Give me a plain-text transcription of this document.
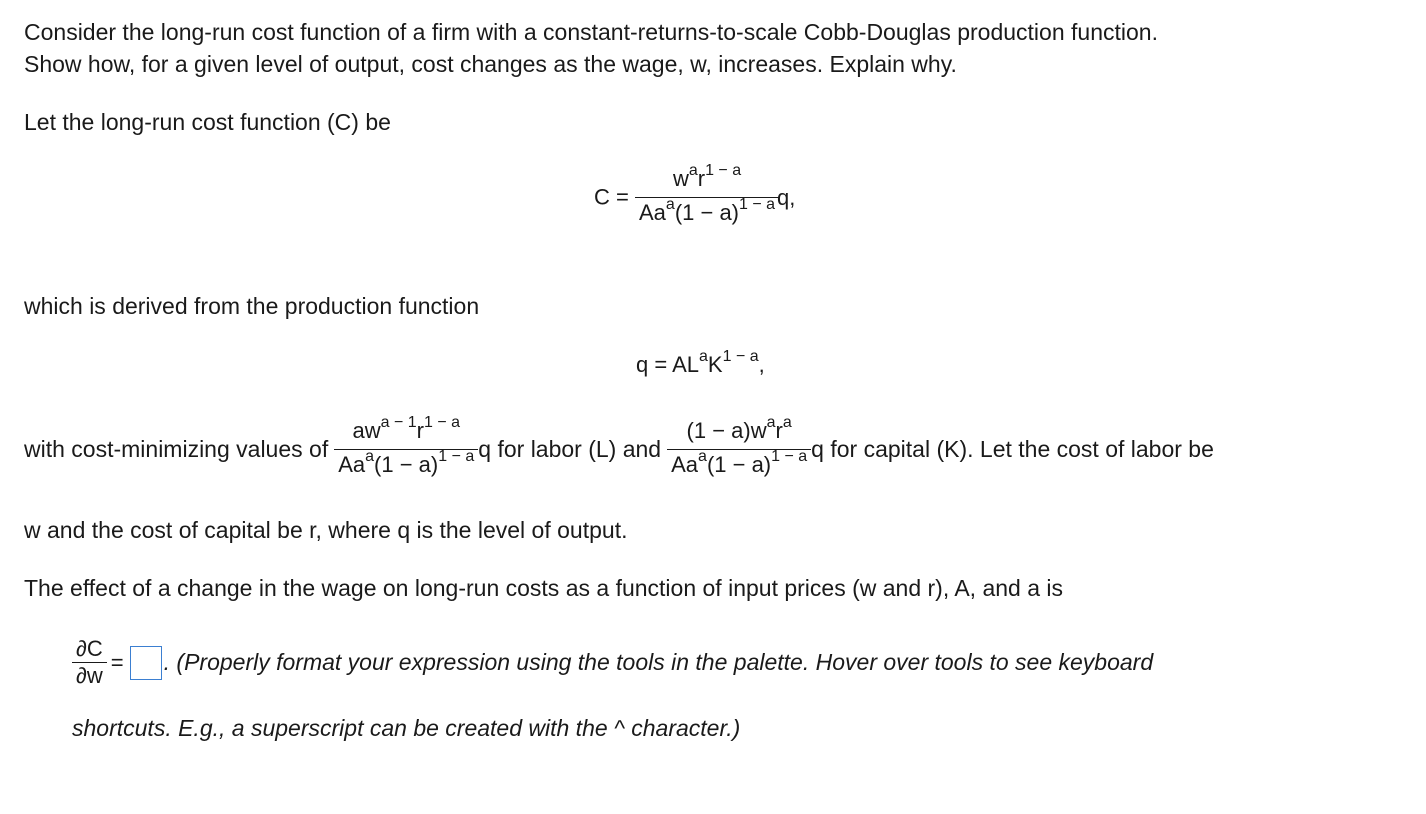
Consider the long-run cost function of a firm with a constant-returns-to-scale Cobb-Douglas production function.

Show how, for a given level of output, cost changes as the wage, w, increases. Explain why.

Let the long-run cost function (C) be

$C = \frac{w^ar^{1 - a}}{Aa^a(1 - a)^{1 - a}}$
q,

which is derived from the production function

$q = AL^aK^{1 - a}$,
with cost-minimizing values of $\frac{aw^{a - 1}r^{1 - a}}{Aa^a(1 - a)^{1 - a}}$ q for labor (L) and $\frac{(1 - a)w^ar^a}{Aa^a(1 - a)^{1 - a}}$ q for capital (K). Let the cost of labor be

w and the cost of capital be r, where q is the level of output.

The effect of a change in the wage on long-run costs as a function of input prices (w and r), A, and a is

$\frac{\partial C}{\partial w}$ = . (Properly format your expression using the tools in the palette. Hover over tools to see keyboard

shortcuts. E.g., a superscript can be created with the ^ character.)
